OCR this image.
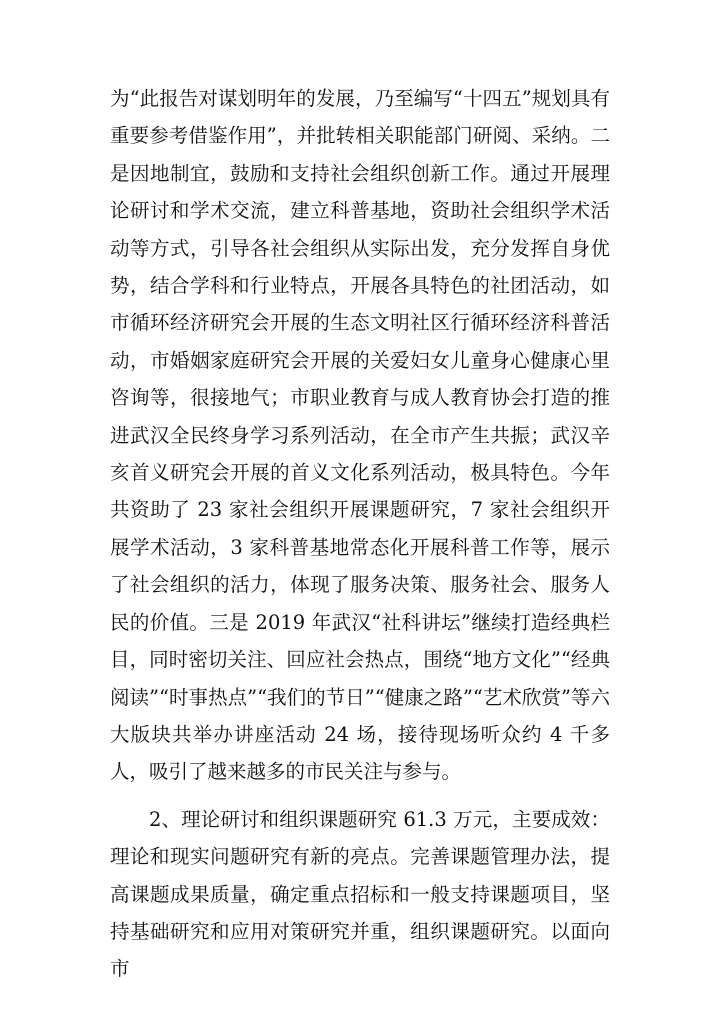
为“此报告对谋划明年的发展，乃至编写“十四五”规划具有重要参考借鉴作用”，并批转相关职能部门研阅、采纳。二是因地制宜，鼓励和支持社会组织创新工作。通过开展理论研讨和学术交流，建立科普基地，资助社会组织学术活动等方式，引导各社会组织从实际出发，充分发挥自身优势，结合学科和行业特点，开展各具特色的社团活动，如市循环经济研究会开展的生态文明社区行循环经济科普活动，市婚姻家庭研究会开展的关爱妇女儿童身心健康心里咨询等，很接地气；市职业教育与成人教育协会打造的推进武汉全民终身学习系列活动，在全市产生共振；武汉辛亥首义研究会开展的首义文化系列活动，极具特色。今年共资助了 23 家社会组织开展课题研究，7 家社会组织开展学术活动，3 家科普基地常态化开展科普工作等，展示了社会组织的活力，体现了服务决策、服务社会、服务人民的价值。三是 2019 年武汉“社科讲坛”继续打造经典栏目，同时密切关注、回应社会热点，围绕“地方文化”“经典阅读”“时事热点”“我们的节日”“健康之路”“艺术欣赏”等六大版块共举办讲座活动 24 场，接待现场听众约 4 千多人，吸引了越来越多的市民关注与参与。

2、理论研讨和组织课题研究 61.3 万元，主要成效：理论和现实问题研究有新的亮点。完善课题管理办法，提高课题成果质量，确定重点招标和一般支持课题项目，坚持基础研究和应用对策研究并重，组织课题研究。以面向市
